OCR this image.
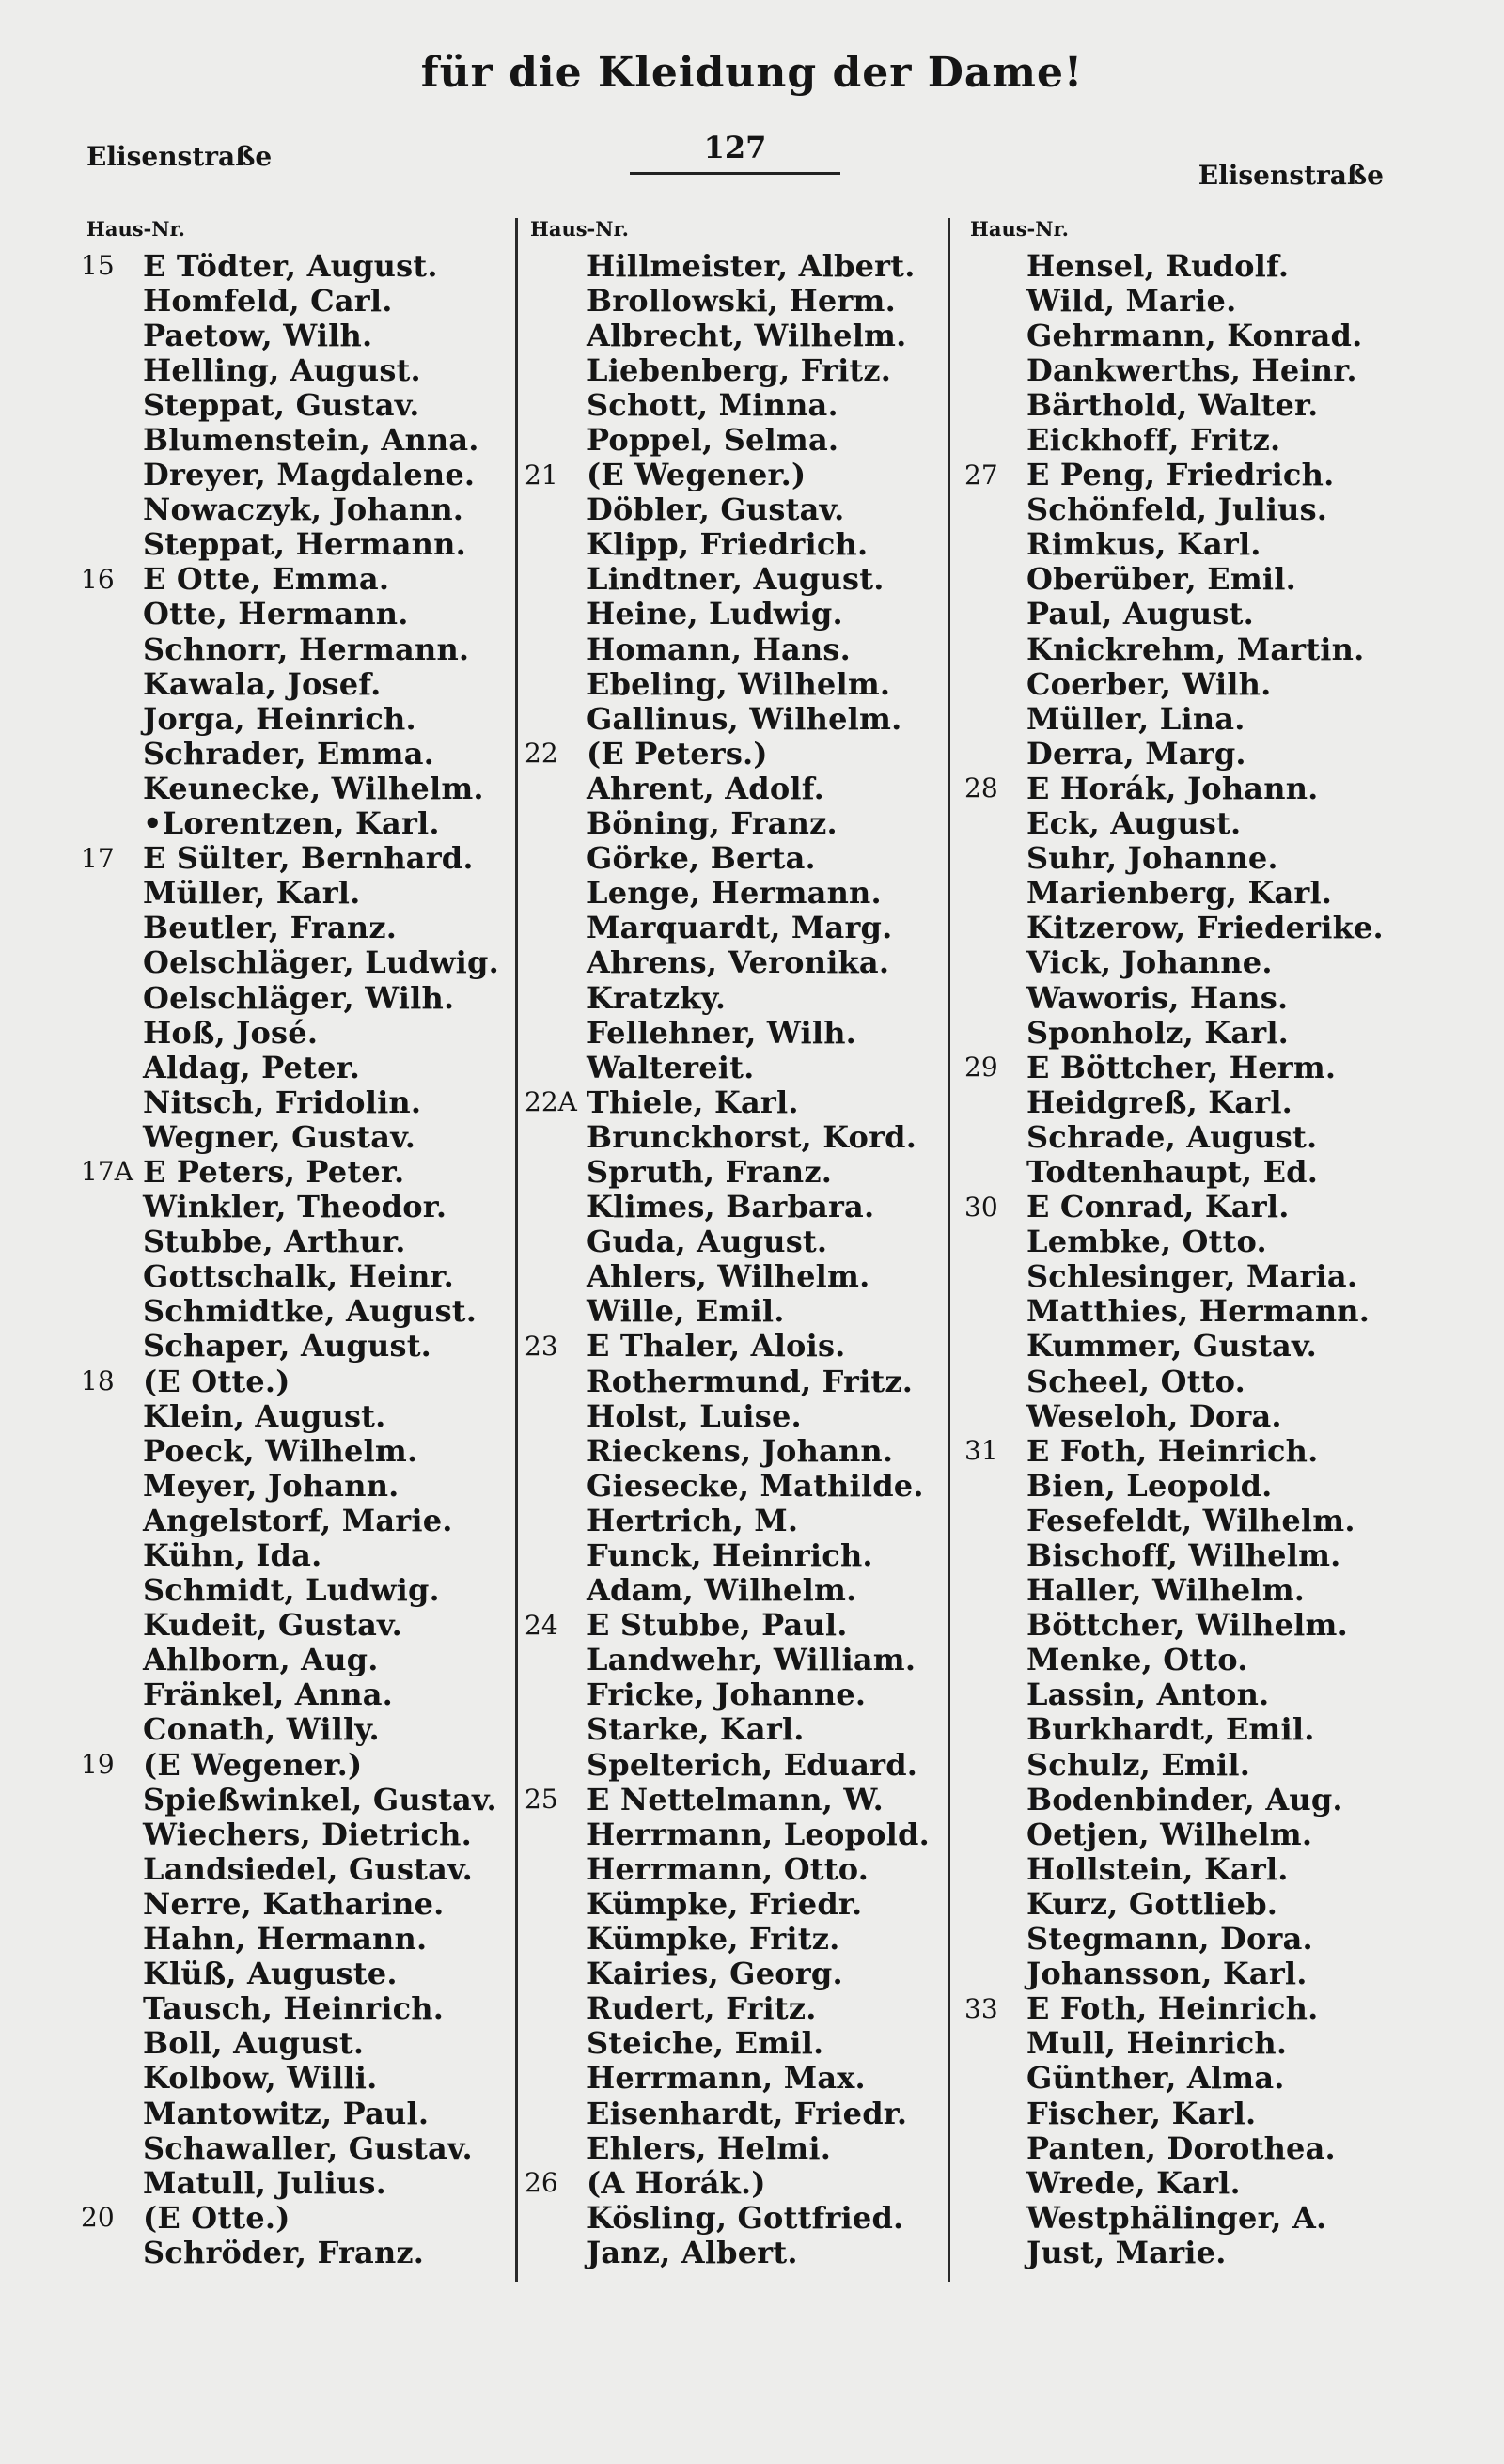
für die Kleidung der Dame!
Elisenstraße	127
Elisenstraße
Haus-Nr.
15 E Tödter, August.
Homfeld, Carl.
Paetow, Wilh.
Helling, August.
Steppat, Gustav.
Blumenstein, Anna.
Dreyer, Magdalene.
Nowaczyk, Johann.
Steppat, Hermann.
16 E Otte, Emma.
Otte, Hermann.
Schnorr, Hermann.
Kawala, Josef.
Jorga, Heinrich.
Schrader, Emma.
Keunecke, Wilhelm.
•Lorentzen, Karl.
17 E Sülter, Bernhard.
Müller, Karl.
Beutler, Franz.
Oelschläger, Ludwig.
Oelschläger, Wilh.
Hoß, José.
Aldag, Peter.
Nitsch, Fridolin.
Wegner, Gustav.
17A E Peters, Peter.
Winkler, Theodor.
Stubbe, Arthur.
Gottschalk, Heinr.
Schmidtke, August.
Schaper, August.
18 (E Otte.)
Klein, August.
Poeck, Wilhelm.
Meyer, Johann.
Angelstorf, Marie.
Kühn, Ida.
Schmidt, Ludwig.
Kudeit, Gustav.
Ahlborn, Aug.
Fränkel, Anna.
Conath, Willy.
19 (E Wegener.)
Spießwinkel, Gustav.
Wiechers, Dietrich.
Landsiedel, Gustav.
Nerre, Katharine.
Hahn, Hermann.
Klüß, Auguste.
Tausch, Heinrich.
Boll, August.
Kolbow, Willi.
Mantowitz, Paul.
Schawaller, Gustav.
Matull, Julius.
20 (E Otte.)
Schröder, Franz.
Haus-Nr.
Hillmeister, Albert.
Brollowski, Herm.
Albrecht, Wilhelm.
Liebenberg, Fritz.
Schott, Minna.
Poppel, Selma.
21 (E Wegener.)
Döbler, Gustav.
Klipp, Friedrich.
Lindtner, August.
Heine, Ludwig.
Homann, Hans.
Ebeling, Wilhelm.
Gallinus, Wilhelm.
22 (E Peters.)
Ahrent, Adolf.
Böning, Franz.
Görke, Berta.
Lenge, Hermann.
Marquardt, Marg.
Ahrens, Veronika.
Kratzky.
Fellehner, Wilh.
Waltereit.
22A Thiele, Karl.
Brunckhorst, Kord.
Spruth, Franz.
Klimes, Barbara.
Guda, August.
Ahlers, Wilhelm.
Wille, Emil.
23 E Thaler, Alois.
Rothermund, Fritz.
Holst, Luise.
Rieckens, Johann.
Giesecke, Mathilde.
Hertrich, M.
Funck, Heinrich.
Adam, Wilhelm.
24 E Stubbe, Paul.
Landwehr, William.
Fricke, Johanne.
Starke, Karl.
Spelterich, Eduard.
25 E Nettelmann, W.
Herrmann, Leopold.
Herrmann, Otto.
Kümpke, Friedr.
Kümpke, Fritz.
Kairies, Georg.
Rudert, Fritz.
Steiche, Emil.
Herrmann, Max.
Eisenhardt, Friedr.
Ehlers, Helmi.
26 (A Horák.)
Kösling, Gottfried.
Janz, Albert.
Haus-Nr.
Hensel, Rudolf.
Wild, Marie.
Gehrmann, Konrad.
Dankwerths, Heinr.
Bärthold, Walter.
Eickhoff, Fritz.
27 E Peng, Friedrich.
Schönfeld, Julius.
Rimkus, Karl.
Oberüber, Emil.
Paul, August.
Knickrehm, Martin.
Coerber, Wilh.
Müller, Lina.
Derra, Marg.
28 E Horák, Johann.
Eck, August.
Suhr, Johanne.
Marienberg, Karl.
Kitzerow, Friederike.
Vick, Johanne.
Waworis, Hans.
Sponholz, Karl.
29 E Böttcher, Herm.
Heidgreß, Karl.
Schrade, August.
Todtenhaupt, Ed.
30 E Conrad, Karl.
Lembke, Otto.
Schlesinger, Maria.
Matthies, Hermann.
Kummer, Gustav.
Scheel, Otto.
Weseloh, Dora.
31 E Foth, Heinrich.
Bien, Leopold.
Fesefeldt, Wilhelm.
Bischoff, Wilhelm.
Haller, Wilhelm.
Böttcher, Wilhelm.
Menke, Otto.
Lassin, Anton.
Burkhardt, Emil.
Schulz, Emil.
Bodenbinder, Aug.
Oetjen, Wilhelm.
Hollstein, Karl.
Kurz, Gottlieb.
Stegmann, Dora.
Johansson, Karl.
33 E Foth, Heinrich.
Mull, Heinrich.
Günther, Alma.
Fischer, Karl.
Panten, Dorothea.
Wrede, Karl.
Westphälinger, A.
Just, Marie.
